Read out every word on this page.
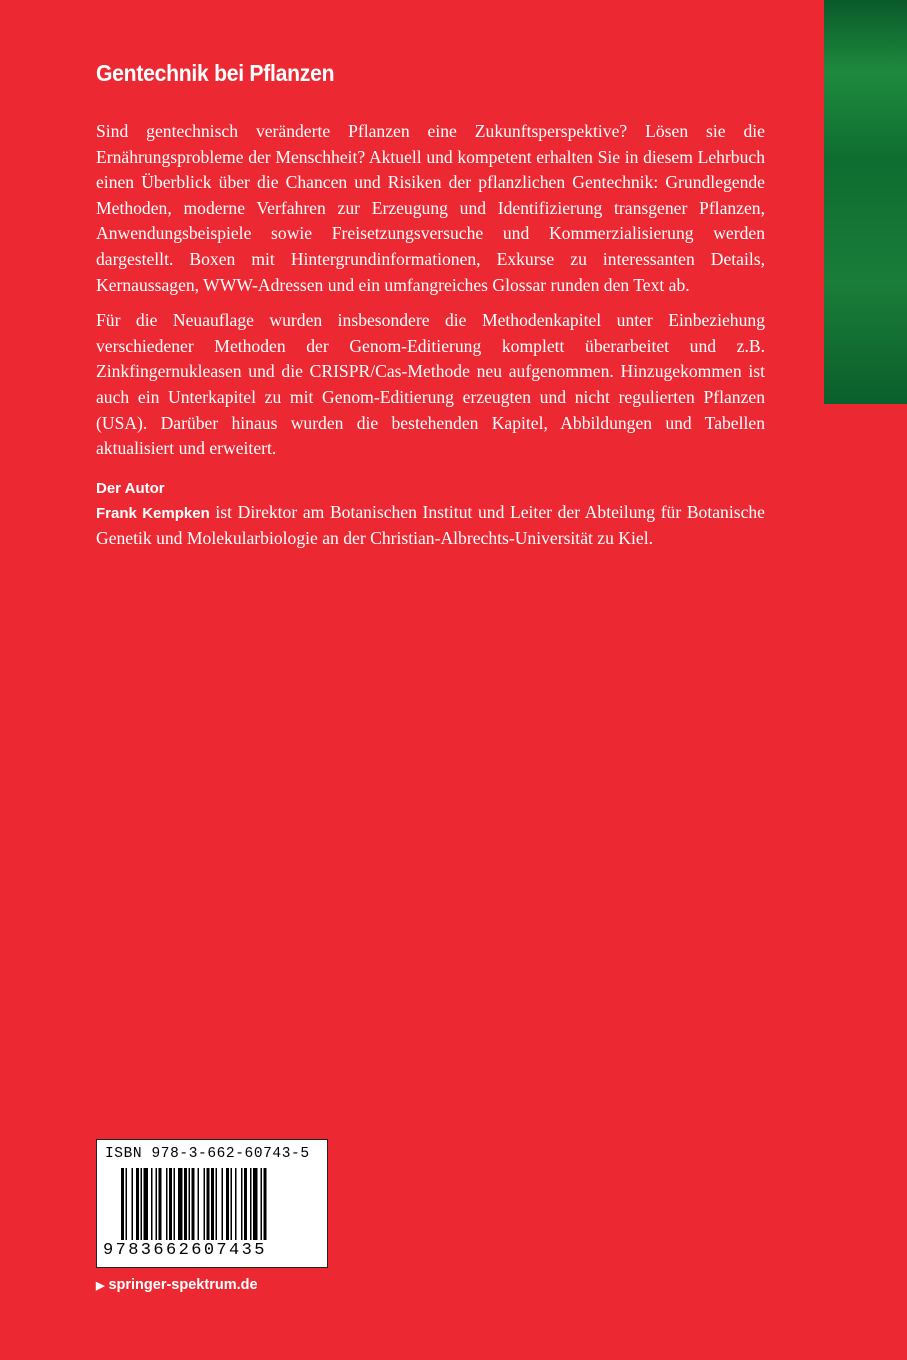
Gentechnik bei Pflanzen

Sind gentechnisch veränderte Pflanzen eine Zukunftsperspektive? Lösen sie die Ernährungsprobleme der Menschheit? Aktuell und kompetent erhalten Sie in diesem Lehrbuch einen Überblick über die Chancen und Risiken der pflanzlichen Gentechnik: Grundlegende Methoden, moderne Verfahren zur Erzeugung und Identifizierung transgener Pflanzen, Anwendungsbeispiele sowie Freisetzungsversuche und Kommerzialisierung werden dargestellt. Boxen mit Hintergrundinformationen, Exkurse zu interessanten Details, Kernaussagen, WWW-Adressen und ein umfangreiches Glossar runden den Text ab.

Für die Neuauflage wurden insbesondere die Methodenkapitel unter Einbeziehung verschiedener Methoden der Genom-Editierung komplett überarbeitet und z.B. Zinkfingernukleasen und die CRISPR/Cas-Methode neu aufgenommen. Hinzugekommen ist auch ein Unterkapitel zu mit Genom-Editierung erzeugten und nicht regulierten Pflanzen (USA). Darüber hinaus wurden die bestehenden Kapitel, Abbildungen und Tabellen aktualisiert und erweitert.

Der Autor
Frank Kempken ist Direktor am Botanischen Institut und Leiter der Abteilung für Botanische Genetik und Molekularbiologie an der Christian-Albrechts-Universität zu Kiel.
ISBN 978-3-662-60743-5
9783662607435
▶ springer-spektrum.de
